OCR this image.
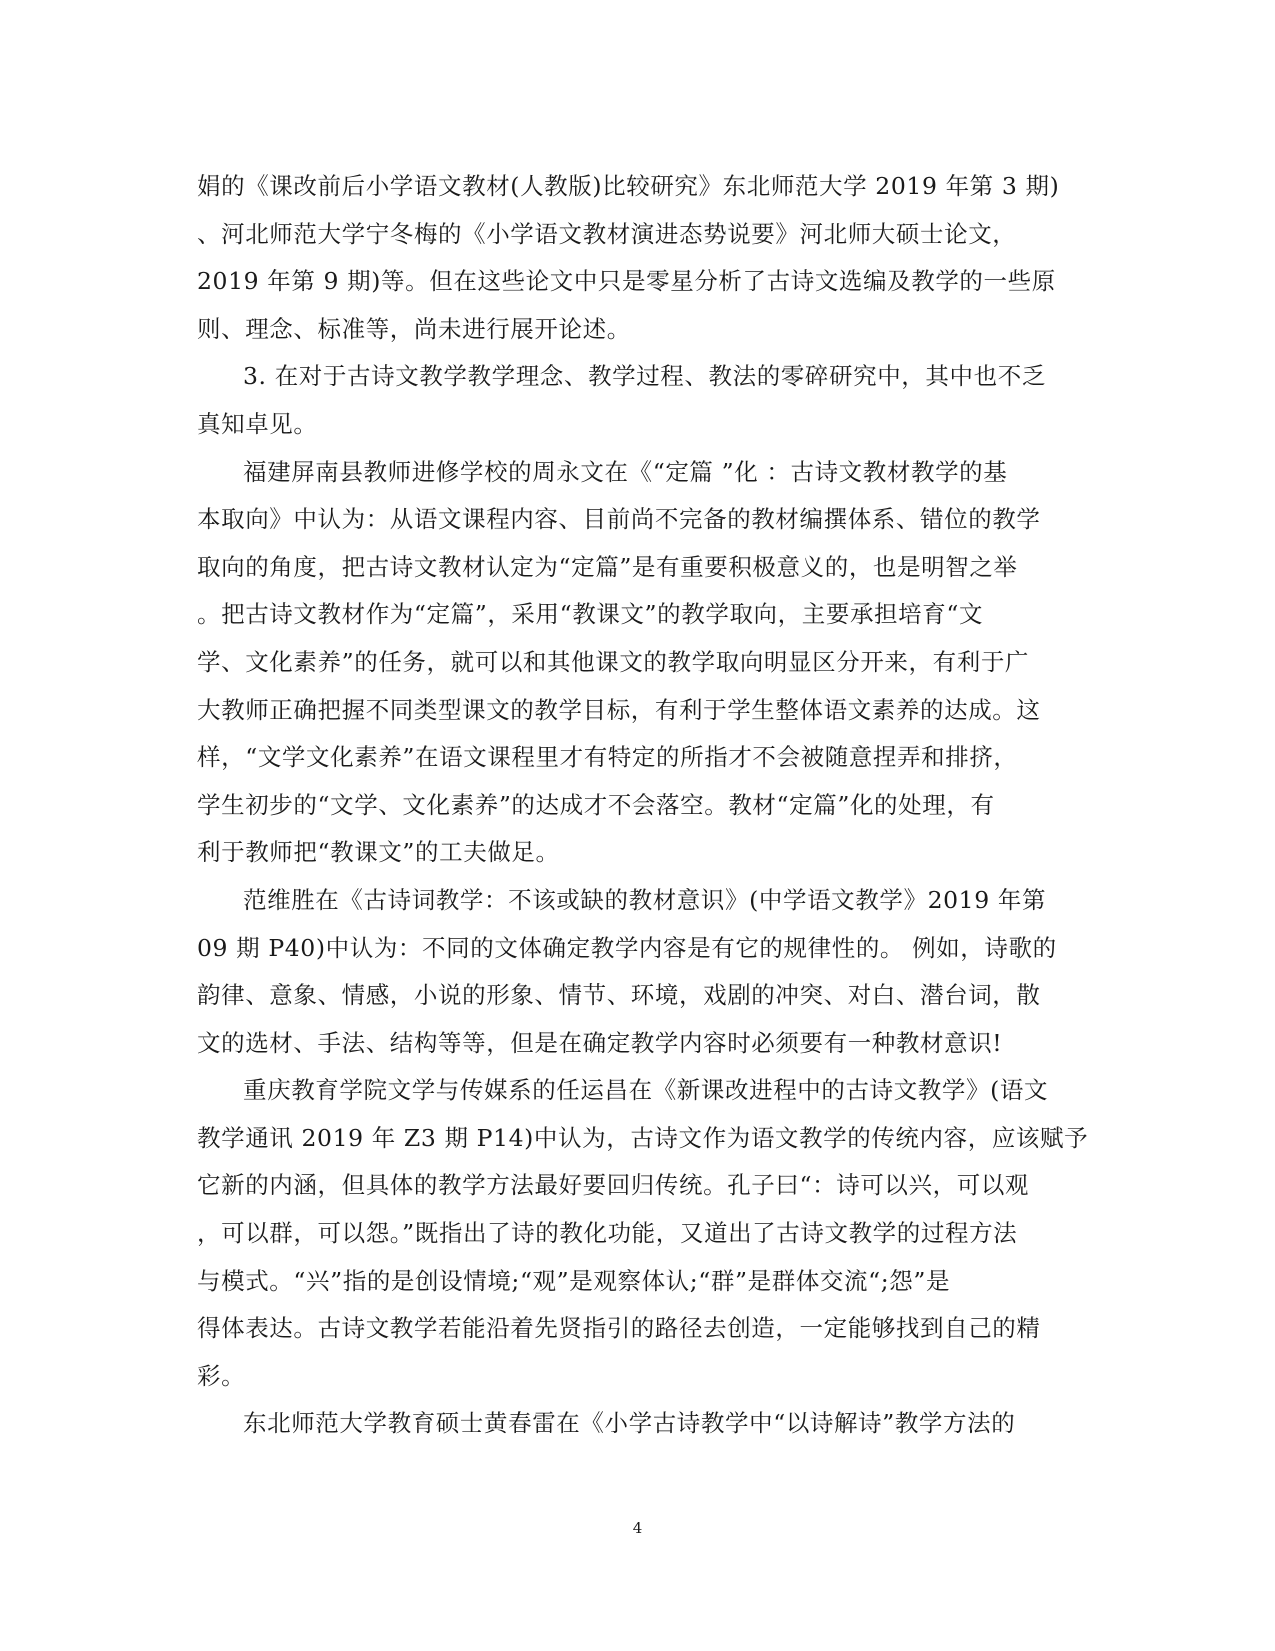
娟的《课改前后小学语文教材(人教版)比较研究》东北师范大学 2019 年第 3 期)
、河北师范大学宁冬梅的《小学语文教材演进态势说要》河北师大硕士论文，
2019 年第 9 期)等。但在这些论文中只是零星分析了古诗文选编及教学的一些原
则、理念、标准等，尚未进行展开论述。
3. 在对于古诗文教学教学理念、教学过程、教法的零碎研究中，其中也不乏
真知卓见。
福建屏南县教师进修学校的周永文在《“定篇 ”化 ：古诗文教材教学的基
本取向》中认为：从语文课程内容、目前尚不完备的教材编撰体系、错位的教学
取向的角度，把古诗文教材认定为“定篇”是有重要积极意义的，也是明智之举
。把古诗文教材作为“定篇”，采用“教课文”的教学取向，主要承担培育“文
学、文化素养”的任务，就可以和其他课文的教学取向明显区分开来，有利于广
大教师正确把握不同类型课文的教学目标，有利于学生整体语文素养的达成。这
样，“文学文化素养”在语文课程里才有特定的所指才不会被随意捏弄和排挤，
学生初步的“文学、文化素养”的达成才不会落空。教材“定篇”化的处理，有
利于教师把“教课文”的工夫做足。
范维胜在《古诗词教学：不该或缺的教材意识》(中学语文教学》2019 年第
09 期 P40)中认为：不同的文体确定教学内容是有它的规律性的。 例如，诗歌的
韵律、意象、情感，小说的形象、情节、环境，戏剧的冲突、对白、潜台词，散
文的选材、手法、结构等等，但是在确定教学内容时必须要有一种教材意识!
重庆教育学院文学与传媒系的任运昌在《新课改进程中的古诗文教学》(语文
教学通讯 2019 年 Z3 期 P14)中认为，古诗文作为语文教学的传统内容，应该赋予
它新的内涵，但具体的教学方法最好要回归传统。孔子曰“：诗可以兴，可以观
，可以群，可以怨。”既指出了诗的教化功能，又道出了古诗文教学的过程方法
与模式。“兴”指的是创设情境;“观”是观察体认;“群”是群体交流“;怨”是
得体表达。古诗文教学若能沿着先贤指引的路径去创造，一定能够找到自己的精
彩。
东北师范大学教育硕士黄春雷在《小学古诗教学中“以诗解诗”教学方法的
4
